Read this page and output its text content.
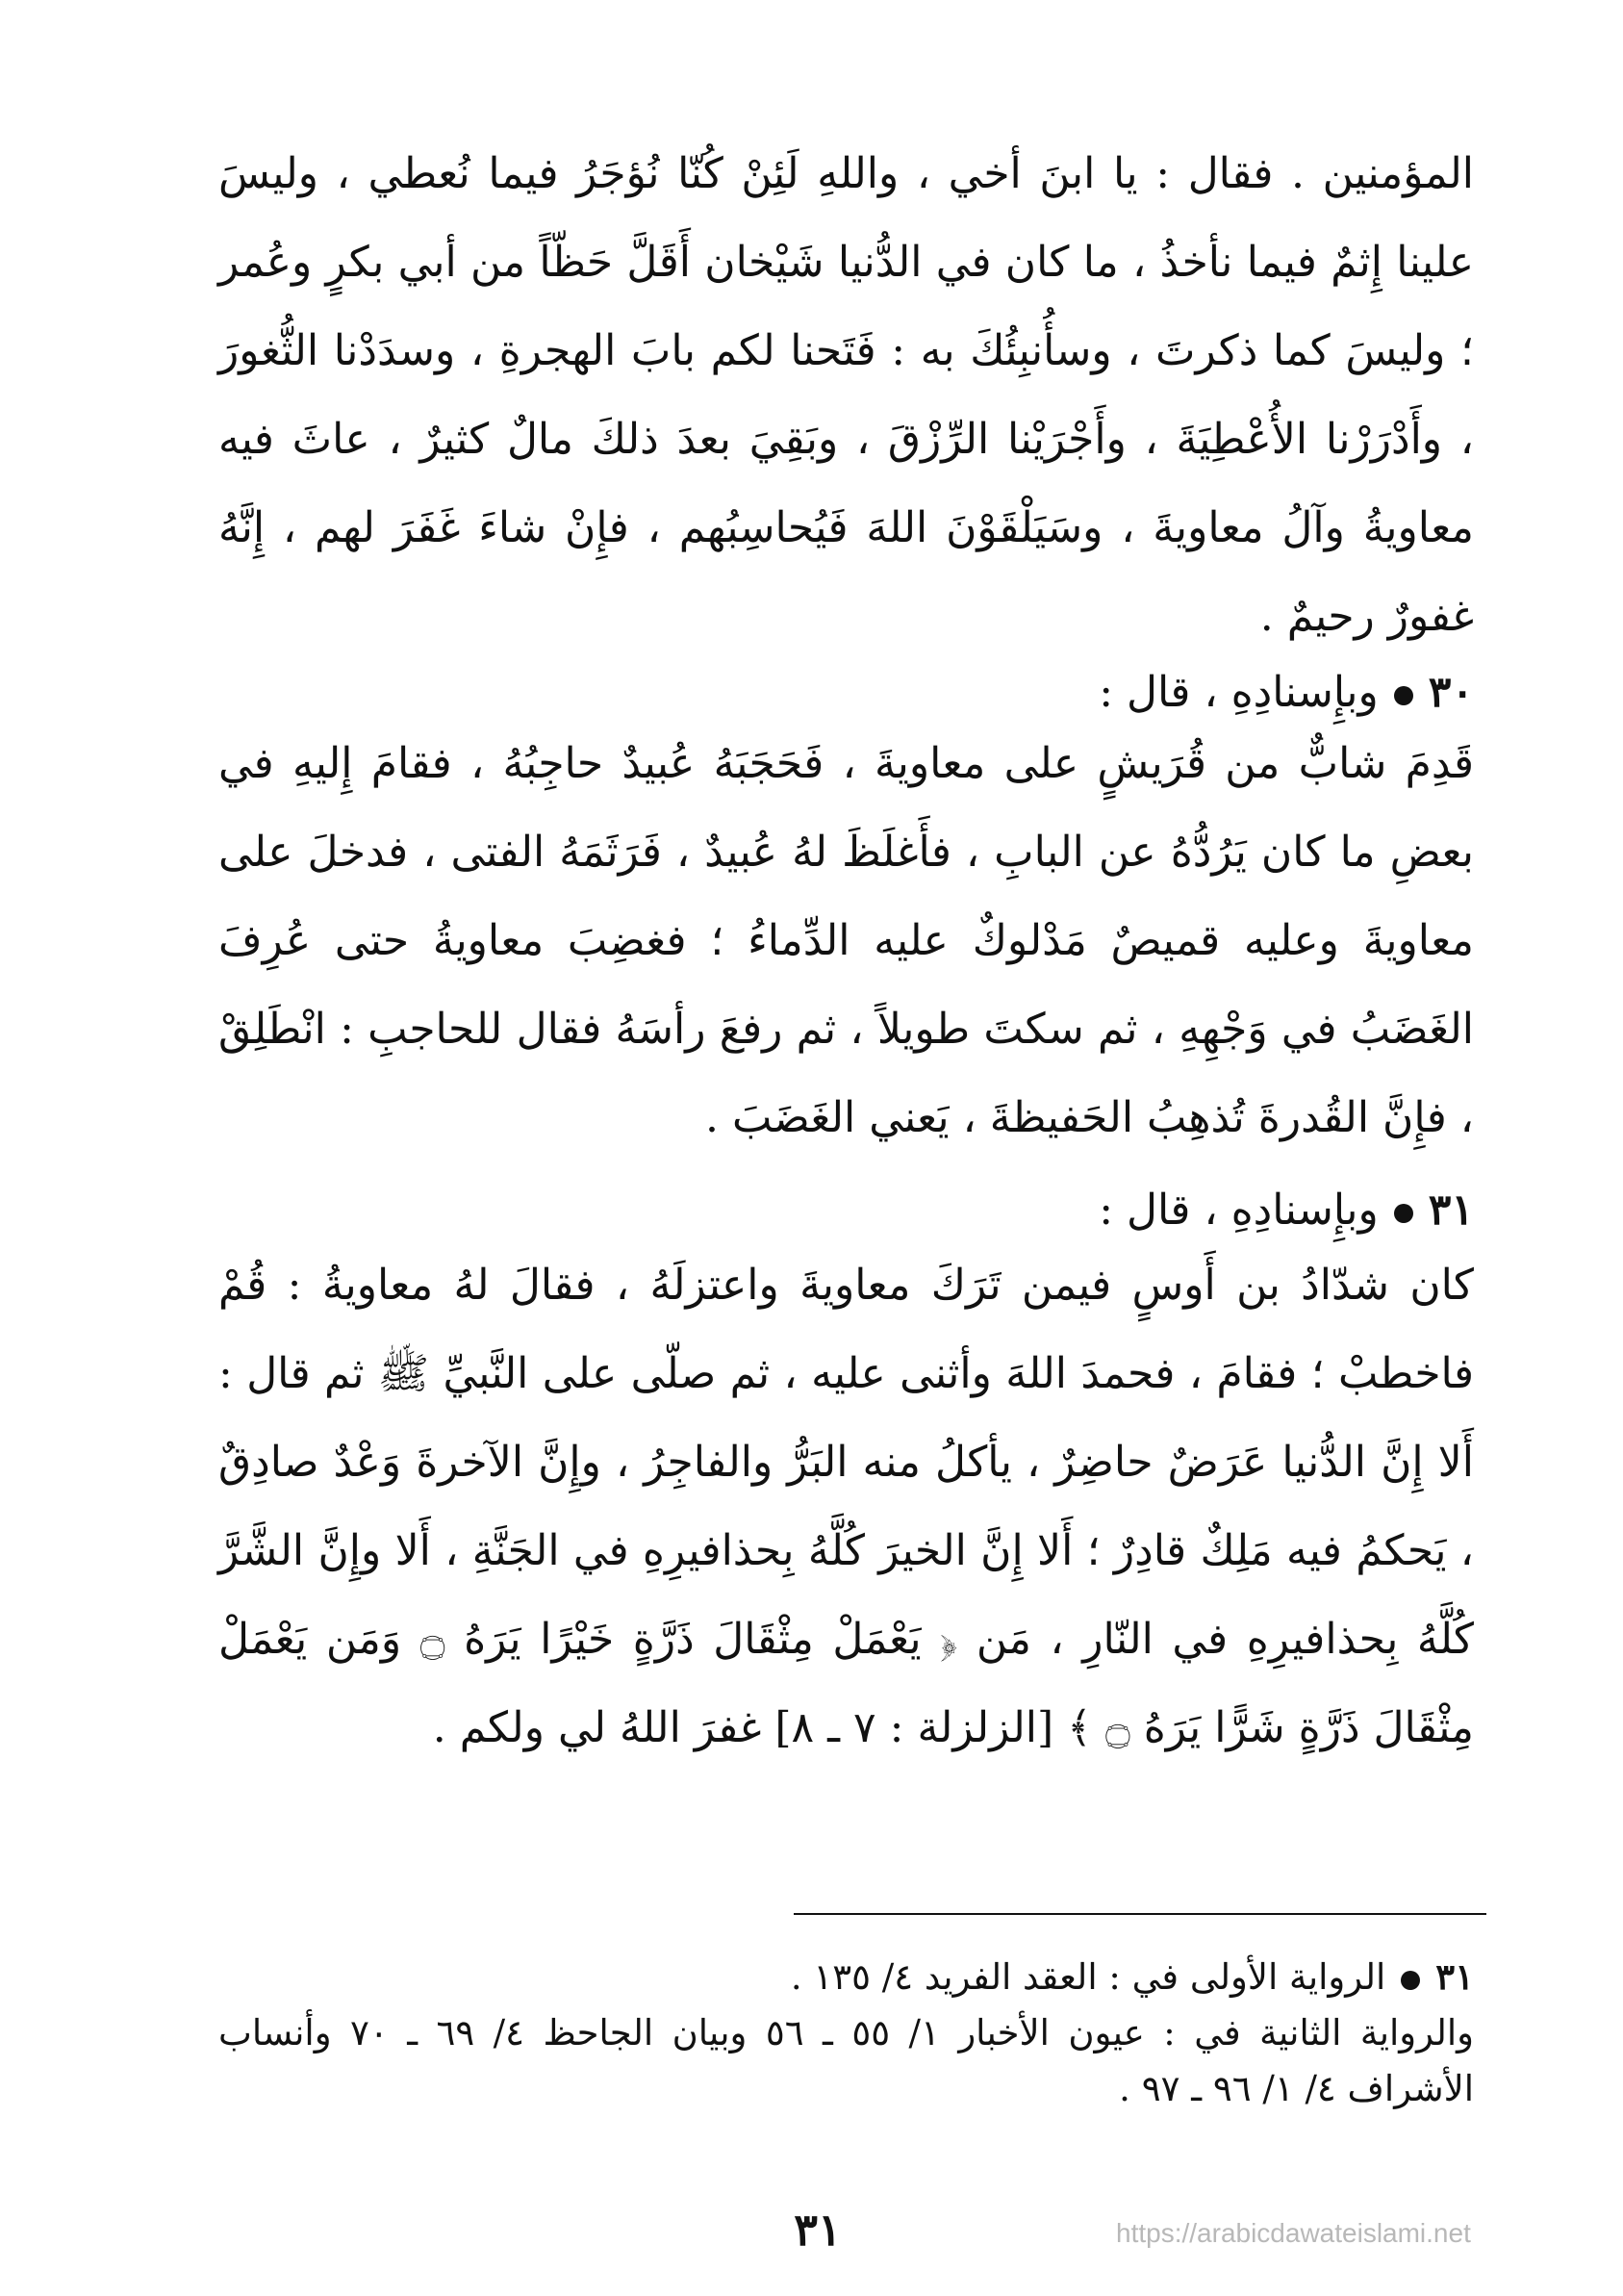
المؤمنين . فقال : يا ابنَ أخي ، واللهِ لَئِنْ كُنّا نُؤجَرُ فيما نُعطي ، وليسَ علينا إِثمٌ فيما نأخذُ ، ما كان في الدُّنيا شَيْخان أَقَلَّ حَظّاً من أبي بكرٍ وعُمر ؛ وليسَ كما ذكرتَ ، وسأُنبِئُكَ به : فَتَحنا لكم بابَ الهجرةِ ، وسدَدْنا الثُّغورَ ، وأَدْرَرْنا الأُعْطِيَةَ ، وأَجْرَيْنا الرِّزْقَ ، وبَقِيَ بعدَ ذلكَ مالٌ كثيرٌ ، عاثَ فيه معاويةُ وآلُ معاويةَ ، وسَيَلْقَوْنَ اللهَ فَيُحاسِبُهم ، فإِنْ شاءَ غَفَرَ لهم ، إِنَّهُ غفورٌ رحيمٌ .

٣٠وبإِسنادِهِ ، قال :

قَدِمَ شابٌّ من قُرَيشٍ على معاويةَ ، فَحَجَبَهُ عُبيدٌ حاجِبُهُ ، فقامَ إِليهِ في بعضِ ما كان يَرُدُّهُ عن البابِ ، فأَغلَظَ لهُ عُبيدٌ ، فَرَثَمَهُ الفتى ، فدخلَ على معاويةَ وعليه قميصٌ مَدْلوكٌ عليه الدِّماءُ ؛ فغضِبَ معاويةُ حتى عُرِفَ الغَضَبُ في وَجْهِهِ ، ثم سكتَ طويلاً ، ثم رفعَ رأسَهُ فقال للحاجبِ : انْطَلِقْ ، فإِنَّ القُدرةَ تُذهِبُ الحَفيظةَ ، يَعني الغَضَبَ .

٣١وبإِسنادِهِ ، قال :

كان شدّادُ بن أَوسٍ فيمن تَرَكَ معاويةَ واعتزلَهُ ، فقالَ لهُ معاويةُ : قُمْ فاخطبْ ؛ فقامَ ، فحمدَ اللهَ وأثنى عليه ، ثم صلّى على النَّبيِّ ﷺ ثم قال : أَلا إِنَّ الدُّنيا عَرَضٌ حاضِرٌ ، يأكلُ منه البَرُّ والفاجِرُ ، وإِنَّ الآخرةَ وَعْدٌ صادِقٌ ، يَحكمُ فيه مَلِكٌ قادِرٌ ؛ أَلا إِنَّ الخيرَ كُلَّهُ بِحذافيرِهِ في الجَنَّةِ ، أَلا وإِنَّ الشَّرَّ كُلَّهُ بِحذافيرِهِ في النّارِ ، مَن ﴿ يَعْمَلْ مِثْقَالَ ذَرَّةٍ خَيْرًا يَرَهُ ۝ وَمَن يَعْمَلْ مِثْقَالَ ذَرَّةٍ شَرًّا يَرَهُ ۝ ﴾ [الزلزلة : ٧ ـ ٨] غفرَ اللهُ لي ولكم .

٣١الرواية الأولى في : العقد الفريد ٤/ ١٣٥ .

والرواية الثانية في : عيون الأخبار ١/ ٥٥ ـ ٥٦ وبيان الجاحظ ٤/ ٦٩ ـ ٧٠ وأنساب الأشراف ٤/ ١/ ٩٦ ـ ٩٧ .

٣١	https://arabicdawateislami.net
